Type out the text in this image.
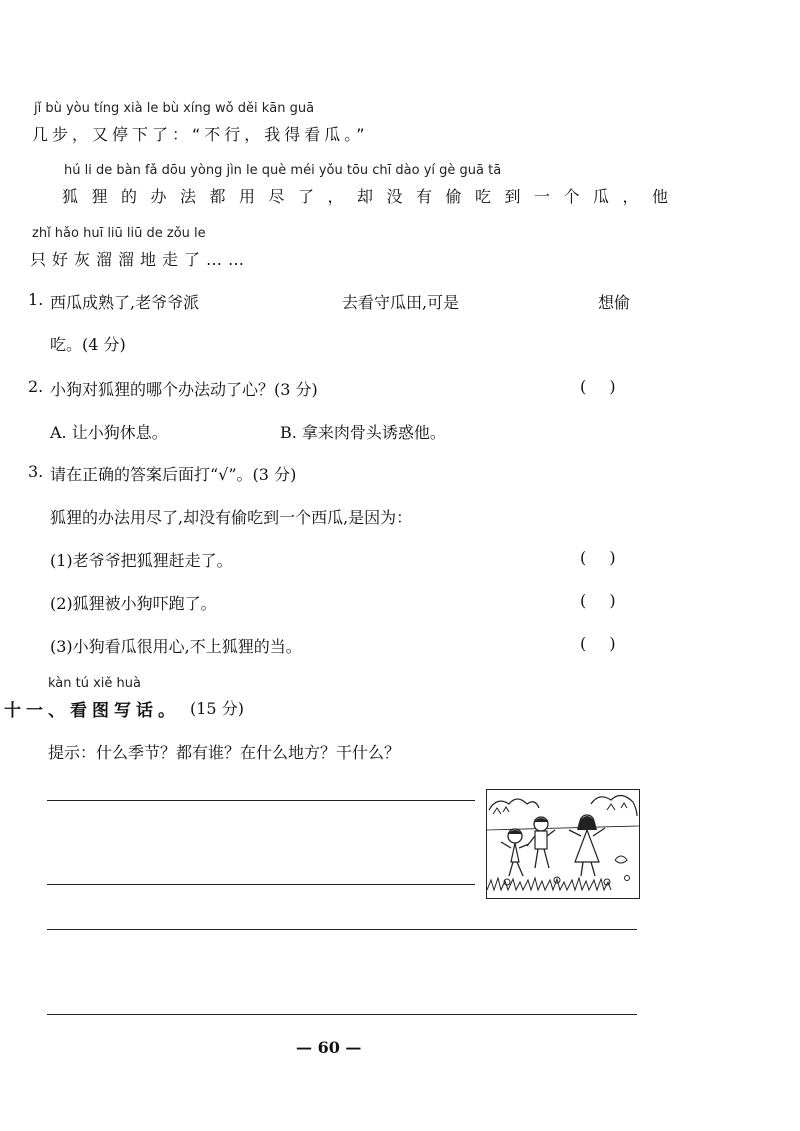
jǐ bù yòu tíng xià le bù xíng wǒ děi kān guā
几步，又停下了：“不行，我得看瓜。”
hú li de bàn fǎ dōu yòng jìn le què méi yǒu tōu chī dào yí gè guā tā
狐狸的办法都用尽了，却没有偷吃到一个瓜，他
zhǐ hǎo huī liū liū de zǒu le
只好灰溜溜地走了……
1. 西瓜成熟了,老爷爷派	去看守瓜田,可是	想偷
吃。(4 分)
2. 小狗对狐狸的哪个办法动了心？(3 分)	( )
A. 让小狗休息。	B. 拿来肉骨头诱惑他。
3. 请在正确的答案后面打“√”。(3 分)
狐狸的办法用尽了,却没有偷吃到一个西瓜,是因为：
(1)老爷爷把狐狸赶走了。	( )
(2)狐狸被小狗吓跑了。	( )
(3)小狗看瓜很用心,不上狐狸的当。	( )
kàn tú xiě huà
十一、看图写话。 (15 分)
提示：什么季节？都有谁？在什么地方？干什么？
— 60 —
